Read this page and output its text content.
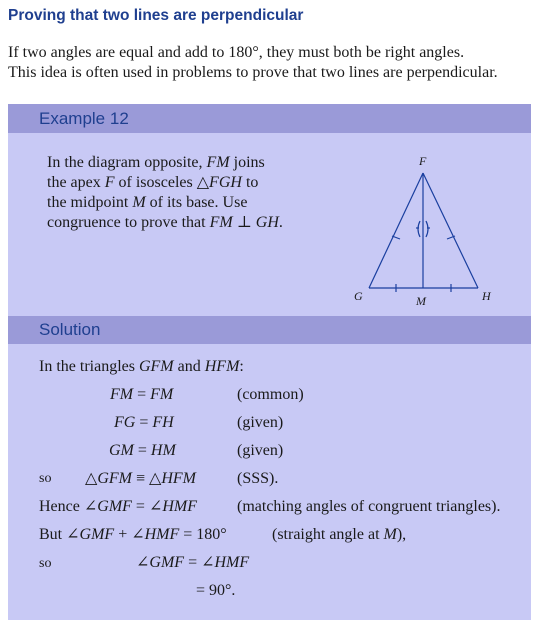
Proving that two lines are perpendicular
If two angles are equal and add to 180°, they must both be right angles.
This idea is often used in problems to prove that two lines are perpendicular.
Example 12
In the diagram opposite, FM joins
the apex F of isosceles △FGH to
the midpoint M of its base. Use
congruence to prove that FM ⊥ GH.
F
G	M	H
Solution
In the triangles GFM and HFM:
FM = FM	(common)
FG = FH	(given)
GM = HM	(given)
so △GFM ≡ △HFM	(SSS).
Hence ∠GMF = ∠HMF (matching angles of congruent triangles).
But ∠GMF + ∠HMF = 180°	(straight angle at M),
so	∠GMF = ∠HMF
= 90°.
